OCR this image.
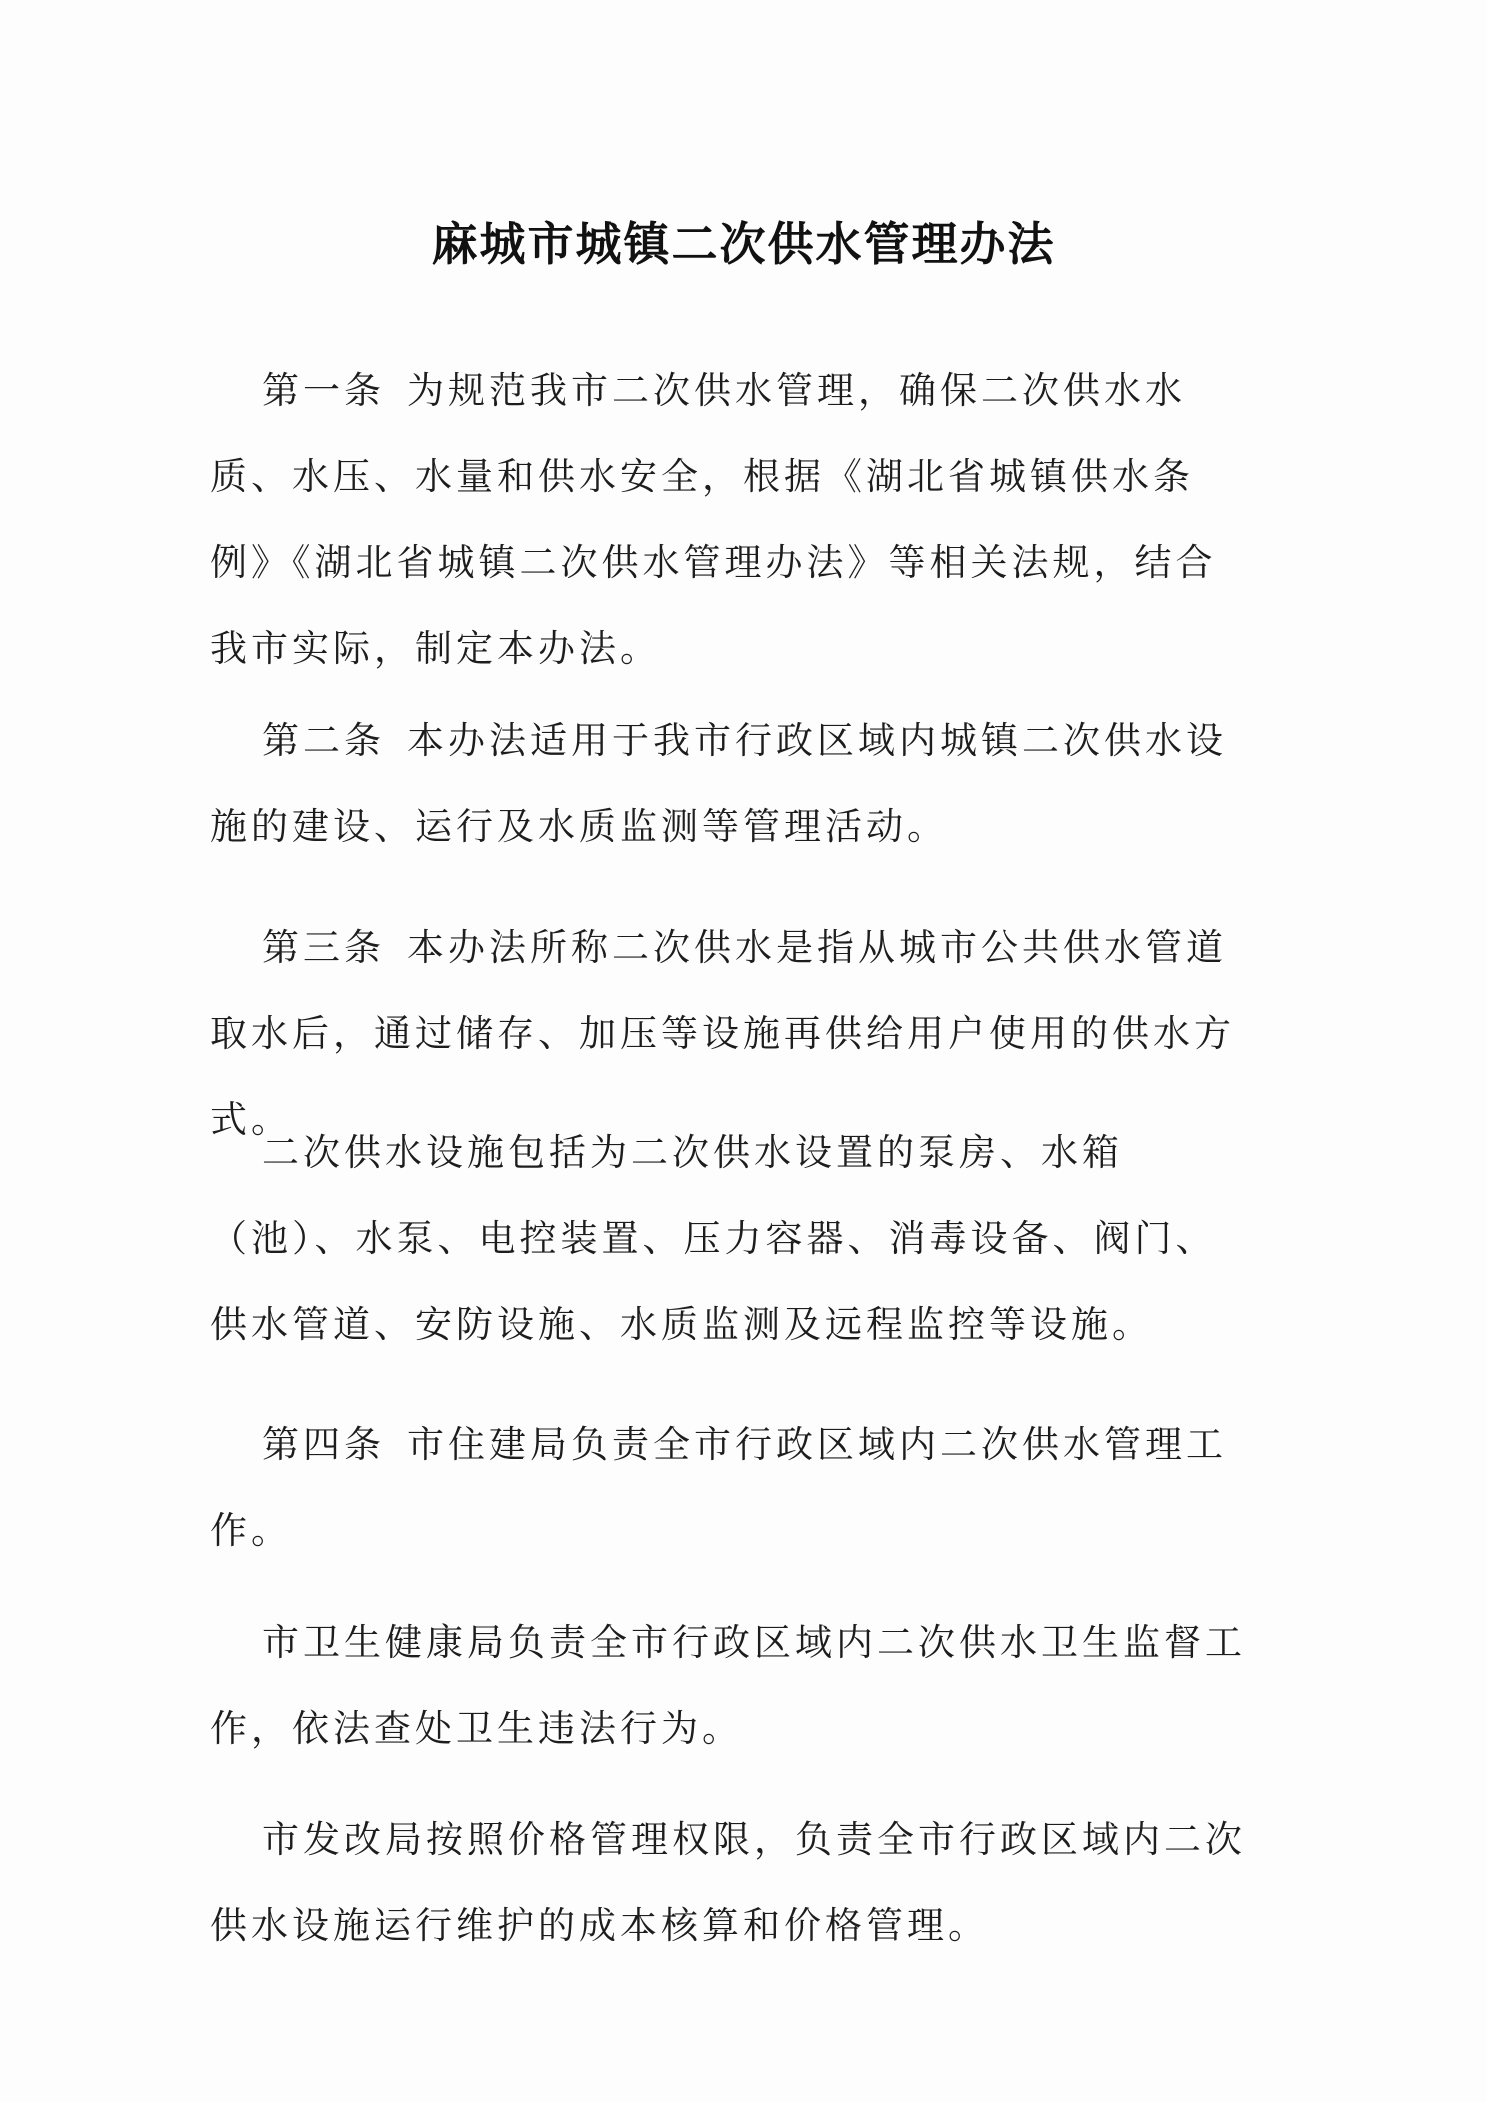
麻城市城镇二次供水管理办法

第一条 为规范我市二次供水管理，确保二次供水水质、水压、水量和供水安全，根据《湖北省城镇供水条例》《湖北省城镇二次供水管理办法》等相关法规，结合我市实际，制定本办法。

第二条 本办法适用于我市行政区域内城镇二次供水设施的建设、运行及水质监测等管理活动。

第三条 本办法所称二次供水是指从城市公共供水管道取水后，通过储存、加压等设施再供给用户使用的供水方式。

二次供水设施包括为二次供水设置的泵房、水箱（池）、水泵、电控装置、压力容器、消毒设备、阀门、供水管道、安防设施、水质监测及远程监控等设施。

第四条 市住建局负责全市行政区域内二次供水管理工作。

市卫生健康局负责全市行政区域内二次供水卫生监督工作，依法查处卫生违法行为。

市发改局按照价格管理权限，负责全市行政区域内二次供水设施运行维护的成本核算和价格管理。
